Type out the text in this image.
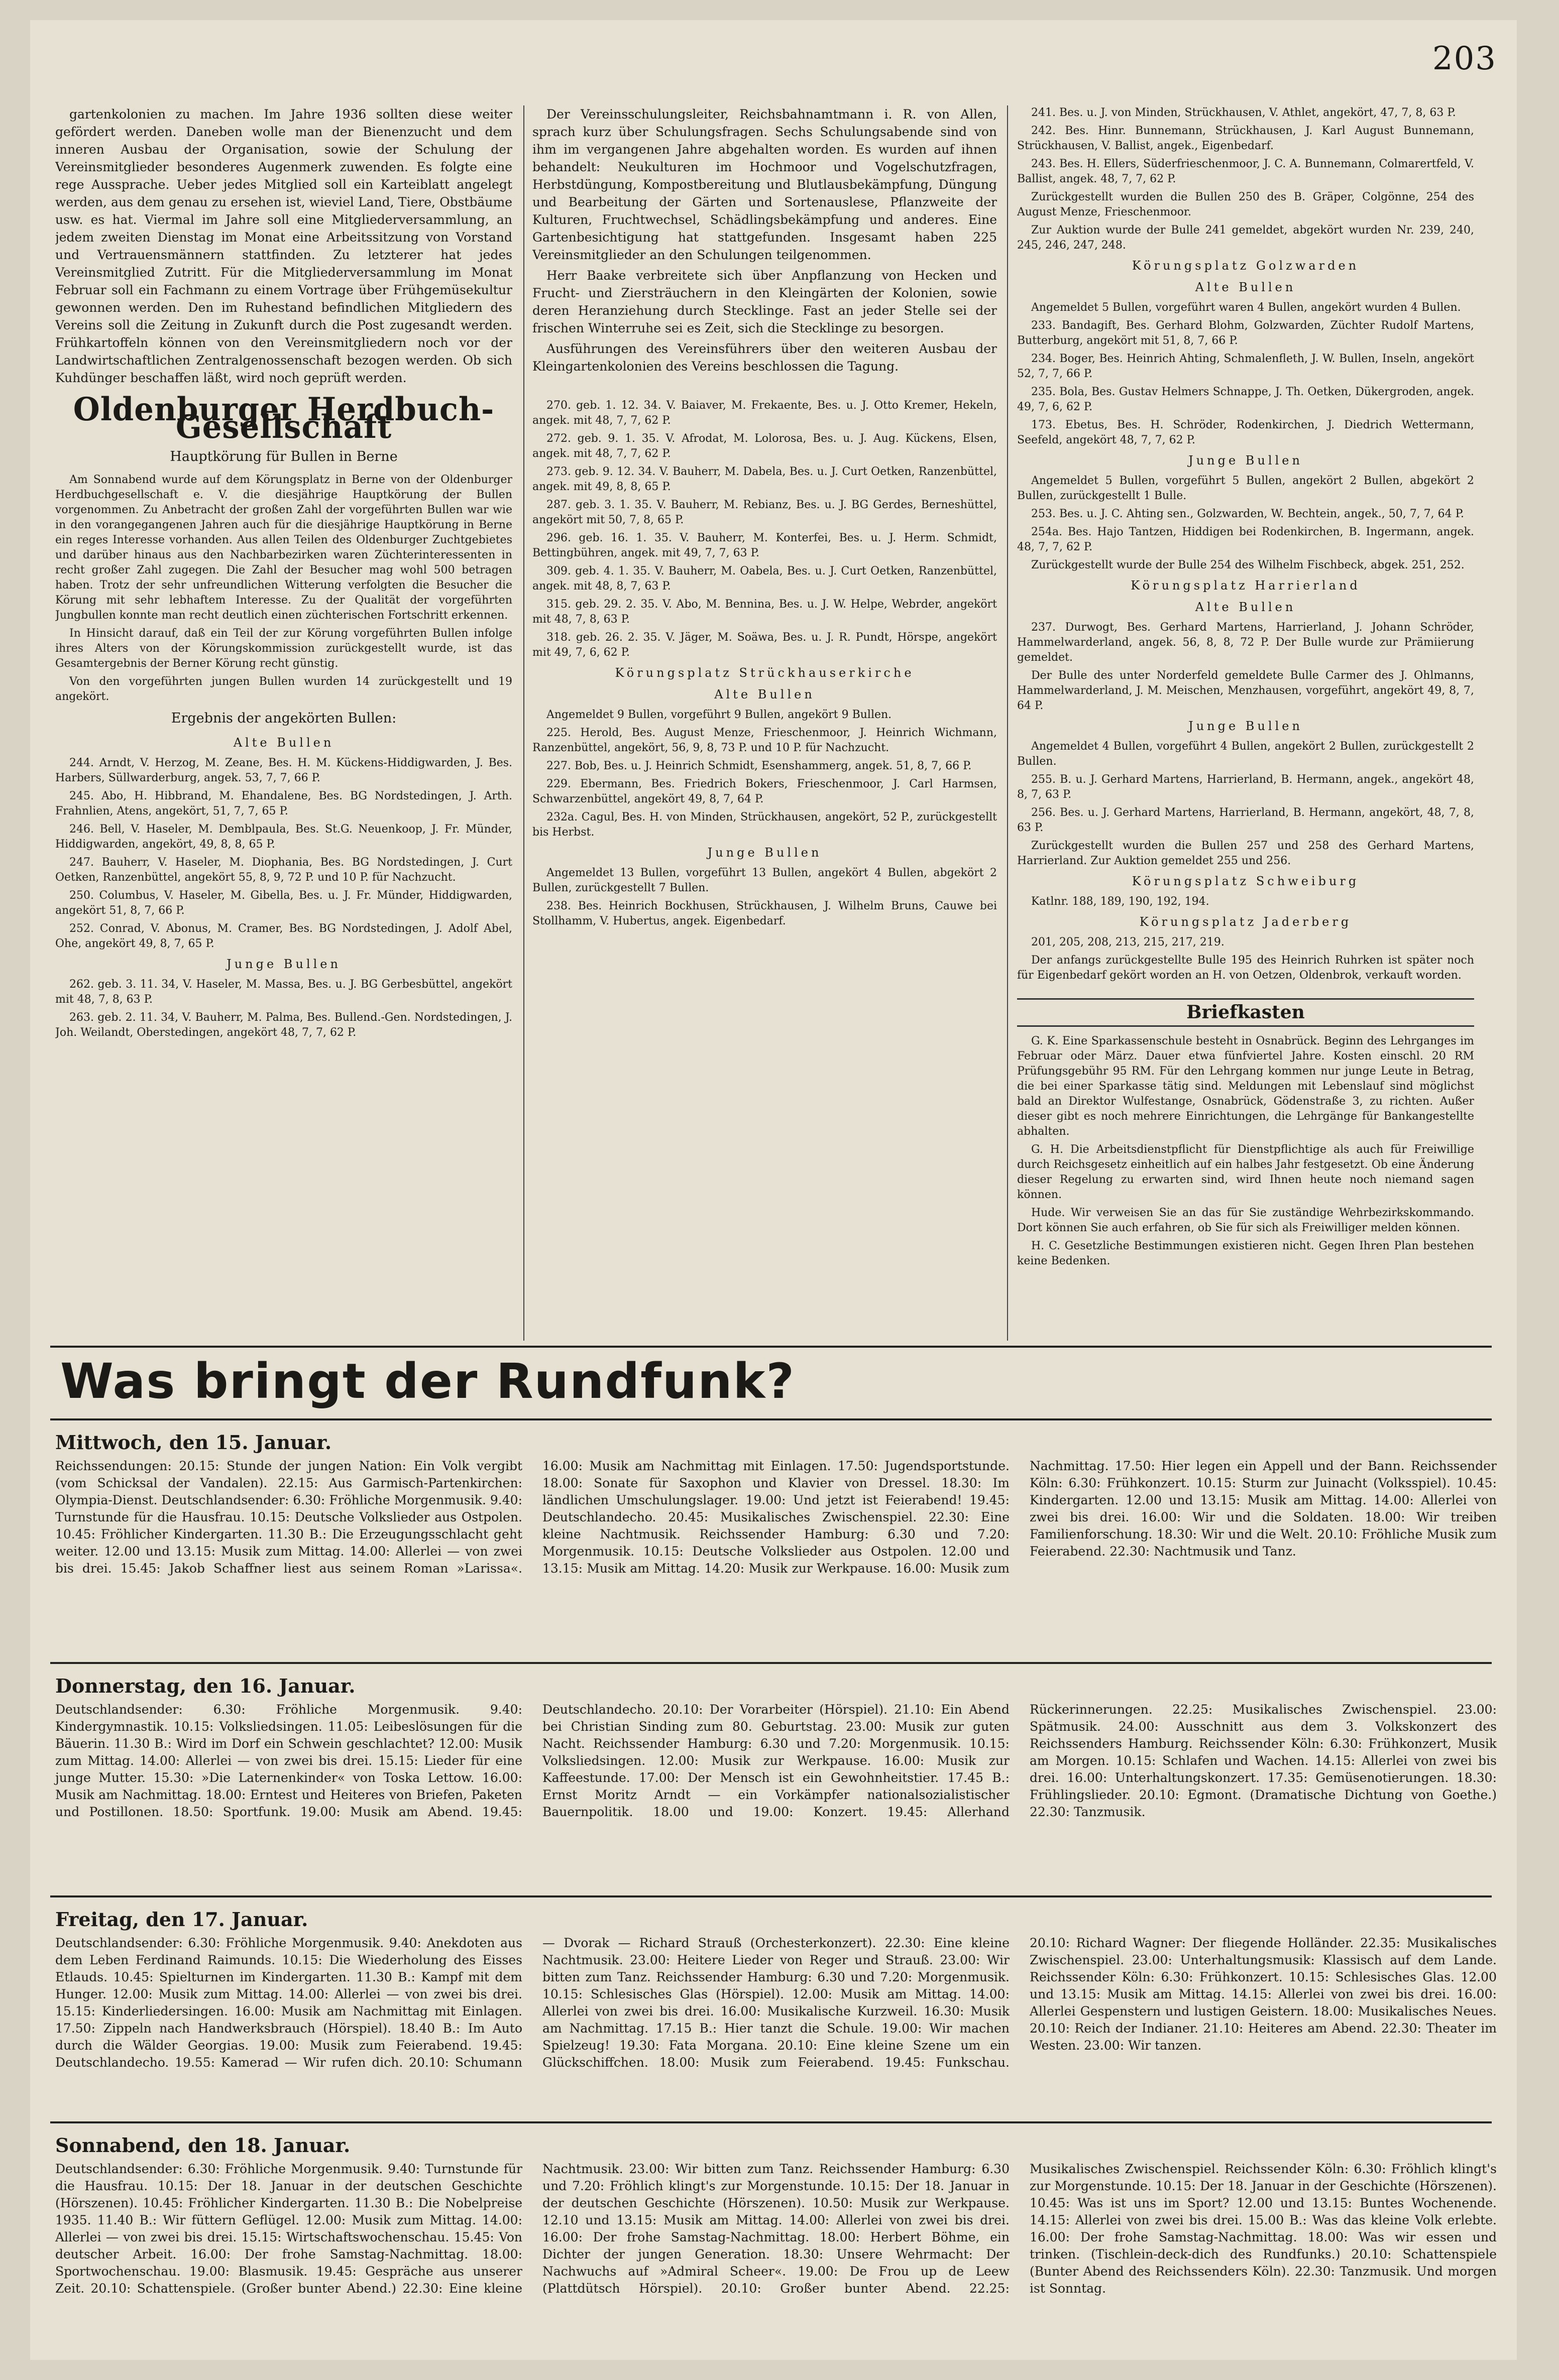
203

gartenkolonien zu machen. Im Jahre 1936 sollten diese weiter gefördert werden. Daneben wolle man der Bienenzucht und dem inneren Ausbau der Organisation, sowie der Schulung der Vereinsmitglieder besonderes Augenmerk zuwenden. Es folgte eine rege Aussprache. Ueber jedes Mitglied soll ein Karteiblatt angelegt werden, aus dem genau zu ersehen ist, wieviel Land, Tiere, Obstbäume usw. es hat. Viermal im Jahre soll eine Mitgliederversammlung, an jedem zweiten Dienstag im Monat eine Arbeitssitzung von Vorstand und Vertrauensmännern stattfinden. Zu letzterer hat jedes Vereinsmitglied Zutritt. Für die Mitgliederversammlung im Monat Februar soll ein Fachmann zu einem Vortrage über Frühgemüsekultur gewonnen werden. Den im Ruhestand befindlichen Mitgliedern des Vereins soll die Zeitung in Zukunft durch die Post zugesandt werden. Frühkartoffeln können von den Vereinsmitgliedern noch vor der Landwirtschaftlichen Zentralgenossenschaft bezogen werden. Ob sich Kuhdünger beschaffen läßt, wird noch geprüft werden.

Oldenburger Herdbuch-Gesellschaft
Hauptkörung für Bullen in Berne

Am Sonnabend wurde auf dem Körungsplatz in Berne von der Oldenburger Herdbuchgesellschaft e. V. die diesjährige Hauptkörung der Bullen vorgenommen. Zu Anbetracht der großen Zahl der vorgeführten Bullen war wie in den vorangegangenen Jahren auch für die diesjährige Hauptkörung in Berne ein reges Interesse vorhanden. Aus allen Teilen des Oldenburger Zuchtgebietes und darüber hinaus aus den Nachbarbezirken waren Züchterinteressenten in recht großer Zahl zugegen. Die Zahl der Besucher mag wohl 500 betragen haben. Trotz der sehr unfreundlichen Witterung verfolgten die Besucher die Körung mit sehr lebhaftem Interesse. Zu der Qualität der vorgeführten Jungbullen konnte man recht deutlich einen züchterischen Fortschritt erkennen.

In Hinsicht darauf, daß ein Teil der zur Körung vorgeführten Bullen infolge ihres Alters von der Körungskommission zurückgestellt wurde, ist das Gesamtergebnis der Berner Körung recht günstig.

Von den vorgeführten jungen Bullen wurden 14 zurückgestellt und 19 angekört.

Ergebnis der angekörten Bullen:
Alte Bullen

244. Arndt, V. Herzog, M. Zeane, Bes. H. M. Kückens-Hiddigwarden, J. Bes. Harbers, Süllwarderburg, angek. 53, 7, 7, 66 P.

245. Abo, H. Hibbrand, M. Ehandalene, Bes. BG Nordstedingen, J. Arth. Frahnlien, Atens, angekört, 51, 7, 7, 65 P.

246. Bell, V. Haseler, M. Demblpaula, Bes. St.G. Neuenkoop, J. Fr. Münder, Hiddigwarden, angekört, 49, 8, 8, 65 P.

247. Bauherr, V. Haseler, M. Diophania, Bes. BG Nordstedingen, J. Curt Oetken, Ranzenbüttel, angekört 55, 8, 9, 72 P. und 10 P. für Nachzucht.

250. Columbus, V. Haseler, M. Gibella, Bes. u. J. Fr. Münder, Hiddigwarden, angekört 51, 8, 7, 66 P.

252. Conrad, V. Abonus, M. Cramer, Bes. BG Nordstedingen, J. Adolf Abel, Ohe, angekört 49, 8, 7, 65 P.

Junge Bullen

262. geb. 3. 11. 34, V. Haseler, M. Massa, Bes. u. J. BG Gerbesbüttel, angekört mit 48, 7, 8, 63 P.

263. geb. 2. 11. 34, V. Bauherr, M. Palma, Bes. Bullend.-Gen. Nordstedingen, J. Joh. Weilandt, Oberstedingen, angekört 48, 7, 7, 62 P.

Der Vereinsschulungsleiter, Reichsbahnamtmann i. R. von Allen, sprach kurz über Schulungsfragen. Sechs Schulungsabende sind von ihm im vergangenen Jahre abgehalten worden. Es wurden auf ihnen behandelt: Neukulturen im Hochmoor und Vogelschutzfragen, Herbstdüngung, Kompostbereitung und Blutlausbekämpfung, Düngung und Bearbeitung der Gärten und Sortenauslese, Pflanzweite der Kulturen, Fruchtwechsel, Schädlingsbekämpfung und anderes. Eine Gartenbesichtigung hat stattgefunden. Insgesamt haben 225 Vereinsmitglieder an den Schulungen teilgenommen.

Herr Baake verbreitete sich über Anpflanzung von Hecken und Frucht- und Ziersträuchern in den Kleingärten der Kolonien, sowie deren Heranziehung durch Stecklinge. Fast an jeder Stelle sei der frischen Winterruhe sei es Zeit, sich die Stecklinge zu besorgen.

Ausführungen des Vereinsführers über den weiteren Ausbau der Kleingartenkolonien des Vereins beschlossen die Tagung.

270. geb. 1. 12. 34. V. Baiaver, M. Frekaente, Bes. u. J. Otto Kremer, Hekeln, angek. mit 48, 7, 7, 62 P.

272. geb. 9. 1. 35. V. Afrodat, M. Lolorosa, Bes. u. J. Aug. Kückens, Elsen, angek. mit 48, 7, 7, 62 P.

273. geb. 9. 12. 34. V. Bauherr, M. Dabela, Bes. u. J. Curt Oetken, Ranzenbüttel, angek. mit 49, 8, 8, 65 P.

287. geb. 3. 1. 35. V. Bauherr, M. Rebianz, Bes. u. J. BG Gerdes, Berneshüttel, angekört mit 50, 7, 8, 65 P.

296. geb. 16. 1. 35. V. Bauherr, M. Konterfei, Bes. u. J. Herm. Schmidt, Bettingbühren, angek. mit 49, 7, 7, 63 P.

309. geb. 4. 1. 35. V. Bauherr, M. Oabela, Bes. u. J. Curt Oetken, Ranzenbüttel, angek. mit 48, 8, 7, 63 P.

315. geb. 29. 2. 35. V. Abo, M. Bennina, Bes. u. J. W. Helpe, Webrder, angekört mit 48, 7, 8, 63 P.

318. geb. 26. 2. 35. V. Jäger, M. Soäwa, Bes. u. J. R. Pundt, Hörspe, angekört mit 49, 7, 6, 62 P.

Körungsplatz Strückhauserkirche
Alte Bullen

Angemeldet 9 Bullen, vorgeführt 9 Bullen, angekört 9 Bullen.

225. Herold, Bes. August Menze, Frieschenmoor, J. Heinrich Wichmann, Ranzenbüttel, angekört, 56, 9, 8, 73 P. und 10 P. für Nachzucht.

227. Bob, Bes. u. J. Heinrich Schmidt, Esenshammerg, angek. 51, 8, 7, 66 P.

229. Ebermann, Bes. Friedrich Bokers, Frieschenmoor, J. Carl Harmsen, Schwarzenbüttel, angekört 49, 8, 7, 64 P.

232a. Cagul, Bes. H. von Minden, Strückhausen, angekört, 52 P., zurückgestellt bis Herbst.

Junge Bullen

Angemeldet 13 Bullen, vorgeführt 13 Bullen, angekört 4 Bullen, abgekört 2 Bullen, zurückgestellt 7 Bullen.

238. Bes. Heinrich Bockhusen, Strückhausen, J. Wilhelm Bruns, Cauwe bei Stollhamm, V. Hubertus, angek. Eigenbedarf.

241. Bes. u. J. von Minden, Strückhausen, V. Athlet, angekört, 47, 7, 8, 63 P.

242. Bes. Hinr. Bunnemann, Strückhausen, J. Karl August Bunnemann, Strückhausen, V. Ballist, angek., Eigenbedarf.

243. Bes. H. Ellers, Süderfrieschenmoor, J. C. A. Bunnemann, Colmarertfeld, V. Ballist, angek. 48, 7, 7, 62 P.

Zurückgestellt wurden die Bullen 250 des B. Gräper, Colgönne, 254 des August Menze, Frieschenmoor.

Zur Auktion wurde der Bulle 241 gemeldet, abgekört wurden Nr. 239, 240, 245, 246, 247, 248.

Körungsplatz Golzwarden
Alte Bullen

Angemeldet 5 Bullen, vorgeführt waren 4 Bullen, angekört wurden 4 Bullen.

233. Bandagift, Bes. Gerhard Blohm, Golzwarden, Züchter Rudolf Martens, Butterburg, angekört mit 51, 8, 7, 66 P.

234. Boger, Bes. Heinrich Ahting, Schmalenfleth, J. W. Bullen, Inseln, angekört 52, 7, 7, 66 P.

235. Bola, Bes. Gustav Helmers Schnappe, J. Th. Oetken, Dükergroden, angek. 49, 7, 6, 62 P.

173. Ebetus, Bes. H. Schröder, Rodenkirchen, J. Diedrich Wettermann, Seefeld, angekört 48, 7, 7, 62 P.

Junge Bullen

Angemeldet 5 Bullen, vorgeführt 5 Bullen, angekört 2 Bullen, abgekört 2 Bullen, zurückgestellt 1 Bulle.

253. Bes. u. J. C. Ahting sen., Golzwarden, W. Bechtein, angek., 50, 7, 7, 64 P.

254a. Bes. Hajo Tantzen, Hiddigen bei Rodenkirchen, B. Ingermann, angek. 48, 7, 7, 62 P.

Zurückgestellt wurde der Bulle 254 des Wilhelm Fischbeck, abgek. 251, 252.

Körungsplatz Harrierland
Alte Bullen

237. Durwogt, Bes. Gerhard Martens, Harrierland, J. Johann Schröder, Hammelwarderland, angek. 56, 8, 8, 72 P. Der Bulle wurde zur Prämiierung gemeldet.

Der Bulle des unter Norderfeld gemeldete Bulle Carmer des J. Ohlmanns, Hammelwarderland, J. M. Meischen, Menzhausen, vorgeführt, angekört 49, 8, 7, 64 P.

Junge Bullen

Angemeldet 4 Bullen, vorgeführt 4 Bullen, angekört 2 Bullen, zurückgestellt 2 Bullen.

255. B. u. J. Gerhard Martens, Harrierland, B. Hermann, angek., angekört 48, 8, 7, 63 P.

256. Bes. u. J. Gerhard Martens, Harrierland, B. Hermann, angekört, 48, 7, 8, 63 P.

Zurückgestellt wurden die Bullen 257 und 258 des Gerhard Martens, Harrierland. Zur Auktion gemeldet 255 und 256.

Körungsplatz Schweiburg

Katlnr. 188, 189, 190, 192, 194.

Körungsplatz Jaderberg

201, 205, 208, 213, 215, 217, 219.

Der anfangs zurückgestellte Bulle 195 des Heinrich Ruhrken ist später noch für Eigenbedarf gekört worden an H. von Oetzen, Oldenbrok, verkauft worden.

Briefkasten

G. K. Eine Sparkassenschule besteht in Osnabrück. Beginn des Lehrganges im Februar oder März. Dauer etwa fünfviertel Jahre. Kosten einschl. 20 RM Prüfungsgebühr 95 RM. Für den Lehrgang kommen nur junge Leute in Betrag, die bei einer Sparkasse tätig sind. Meldungen mit Lebenslauf sind möglichst bald an Direktor Wulfestange, Osnabrück, Gödenstraße 3, zu richten. Außer dieser gibt es noch mehrere Einrichtungen, die Lehrgänge für Bankangestellte abhalten.

G. H. Die Arbeitsdienstpflicht für Dienstpflichtige als auch für Freiwillige durch Reichsgesetz einheitlich auf ein halbes Jahr festgesetzt. Ob eine Änderung dieser Regelung zu erwarten sind, wird Ihnen heute noch niemand sagen können.

Hude. Wir verweisen Sie an das für Sie zuständige Wehrbezirkskommando. Dort können Sie auch erfahren, ob Sie für sich als Freiwilliger melden können.

H. C. Gesetzliche Bestimmungen existieren nicht. Gegen Ihren Plan bestehen keine Bedenken.

Was bringt der Rundfunk?
Mittwoch, den 15. Januar.

Reichssendungen: 20.15: Stunde der jungen Nation: Ein Volk vergibt (vom Schicksal der Vandalen). 22.15: Aus Garmisch-Partenkirchen: Olympia-Dienst. Deutschlandsender: 6.30: Fröhliche Morgenmusik. 9.40: Turnstunde für die Hausfrau. 10.15: Deutsche Volkslieder aus Ostpolen. 10.45: Fröhlicher Kindergarten. 11.30 B.: Die Erzeugungsschlacht geht weiter. 12.00 und 13.15: Musik zum Mittag. 14.00: Allerlei — von zwei bis drei. 15.45: Jakob Schaffner liest aus seinem Roman »Larissa«. 16.00: Musik am Nachmittag mit Einlagen. 17.50: Jugendsportstunde. 18.00: Sonate für Saxophon und Klavier von Dressel. 18.30: Im ländlichen Umschulungslager. 19.00: Und jetzt ist Feierabend! 19.45: Deutschlandecho. 20.45: Musikalisches Zwischenspiel. 22.30: Eine kleine Nachtmusik. Reichssender Hamburg: 6.30 und 7.20: Morgenmusik. 10.15: Deutsche Volkslieder aus Ostpolen. 12.00 und 13.15: Musik am Mittag. 14.20: Musik zur Werkpause. 16.00: Musik zum Nachmittag. 17.50: Hier legen ein Appell und der Bann. Reichssender Köln: 6.30: Frühkonzert. 10.15: Sturm zur Juinacht (Volksspiel). 10.45: Kindergarten. 12.00 und 13.15: Musik am Mittag. 14.00: Allerlei von zwei bis drei. 16.00: Wir und die Soldaten. 18.00: Wir treiben Familienforschung. 18.30: Wir und die Welt. 20.10: Fröhliche Musik zum Feierabend. 22.30: Nachtmusik und Tanz.

Donnerstag, den 16. Januar.

Deutschlandsender: 6.30: Fröhliche Morgenmusik. 9.40: Kindergymnastik. 10.15: Volksliedsingen. 11.05: Leibeslösungen für die Bäuerin. 11.30 B.: Wird im Dorf ein Schwein geschlachtet? 12.00: Musik zum Mittag. 14.00: Allerlei — von zwei bis drei. 15.15: Lieder für eine junge Mutter. 15.30: »Die Laternenkinder« von Toska Lettow. 16.00: Musik am Nachmittag. 18.00: Erntest und Heiteres von Briefen, Paketen und Postillonen. 18.50: Sportfunk. 19.00: Musik am Abend. 19.45: Deutschlandecho. 20.10: Der Vorarbeiter (Hörspiel). 21.10: Ein Abend bei Christian Sinding zum 80. Geburtstag. 23.00: Musik zur guten Nacht. Reichssender Hamburg: 6.30 und 7.20: Morgenmusik. 10.15: Volksliedsingen. 12.00: Musik zur Werkpause. 16.00: Musik zur Kaffeestunde. 17.00: Der Mensch ist ein Gewohnheitstier. 17.45 B.: Ernst Moritz Arndt — ein Vorkämpfer nationalsozialistischer Bauernpolitik. 18.00 und 19.00: Konzert. 19.45: Allerhand Rückerinnerungen. 22.25: Musikalisches Zwischenspiel. 23.00: Spätmusik. 24.00: Ausschnitt aus dem 3. Volkskonzert des Reichssenders Hamburg. Reichssender Köln: 6.30: Frühkonzert, Musik am Morgen. 10.15: Schlafen und Wachen. 14.15: Allerlei von zwei bis drei. 16.00: Unterhaltungskonzert. 17.35: Gemüsenotierungen. 18.30: Frühlingslieder. 20.10: Egmont. (Dramatische Dichtung von Goethe.) 22.30: Tanzmusik.

Freitag, den 17. Januar.

Deutschlandsender: 6.30: Fröhliche Morgenmusik. 9.40: Anekdoten aus dem Leben Ferdinand Raimunds. 10.15: Die Wiederholung des Eisses Etlauds. 10.45: Spielturnen im Kindergarten. 11.30 B.: Kampf mit dem Hunger. 12.00: Musik zum Mittag. 14.00: Allerlei — von zwei bis drei. 15.15: Kinderliedersingen. 16.00: Musik am Nachmittag mit Einlagen. 17.50: Zippeln nach Handwerksbrauch (Hörspiel). 18.40 B.: Im Auto durch die Wälder Georgias. 19.00: Musik zum Feierabend. 19.45: Deutschlandecho. 19.55: Kamerad — Wir rufen dich. 20.10: Schumann — Dvorak — Richard Strauß (Orchesterkonzert). 22.30: Eine kleine Nachtmusik. 23.00: Heitere Lieder von Reger und Strauß. 23.00: Wir bitten zum Tanz. Reichssender Hamburg: 6.30 und 7.20: Morgenmusik. 10.15: Schlesisches Glas (Hörspiel). 12.00: Musik am Mittag. 14.00: Allerlei von zwei bis drei. 16.00: Musikalische Kurzweil. 16.30: Musik am Nachmittag. 17.15 B.: Hier tanzt die Schule. 19.00: Wir machen Spielzeug! 19.30: Fata Morgana. 20.10: Eine kleine Szene um ein Glückschiffchen. 18.00: Musik zum Feierabend. 19.45: Funkschau. 20.10: Richard Wagner: Der fliegende Holländer. 22.35: Musikalisches Zwischenspiel. 23.00: Unterhaltungsmusik: Klassisch auf dem Lande. Reichssender Köln: 6.30: Frühkonzert. 10.15: Schlesisches Glas. 12.00 und 13.15: Musik am Mittag. 14.15: Allerlei von zwei bis drei. 16.00: Allerlei Gespenstern und lustigen Geistern. 18.00: Musikalisches Neues. 20.10: Reich der Indianer. 21.10: Heiteres am Abend. 22.30: Theater im Westen. 23.00: Wir tanzen.

Sonnabend, den 18. Januar.

Deutschlandsender: 6.30: Fröhliche Morgenmusik. 9.40: Turnstunde für die Hausfrau. 10.15: Der 18. Januar in der deutschen Geschichte (Hörszenen). 10.45: Fröhlicher Kindergarten. 11.30 B.: Die Nobelpreise 1935. 11.40 B.: Wir füttern Geflügel. 12.00: Musik zum Mittag. 14.00: Allerlei — von zwei bis drei. 15.15: Wirtschaftswochenschau. 15.45: Von deutscher Arbeit. 16.00: Der frohe Samstag-Nachmittag. 18.00: Sportwochenschau. 19.00: Blasmusik. 19.45: Gespräche aus unserer Zeit. 20.10: Schattenspiele. (Großer bunter Abend.) 22.30: Eine kleine Nachtmusik. 23.00: Wir bitten zum Tanz. Reichssender Hamburg: 6.30 und 7.20: Fröhlich klingt's zur Morgenstunde. 10.15: Der 18. Januar in der deutschen Geschichte (Hörszenen). 10.50: Musik zur Werkpause. 12.10 und 13.15: Musik am Mittag. 14.00: Allerlei von zwei bis drei. 16.00: Der frohe Samstag-Nachmittag. 18.00: Herbert Böhme, ein Dichter der jungen Generation. 18.30: Unsere Wehrmacht: Der Nachwuchs auf »Admiral Scheer«. 19.00: De Frou up de Leew (Plattdütsch Hörspiel). 20.10: Großer bunter Abend. 22.25: Musikalisches Zwischenspiel. Reichssender Köln: 6.30: Fröhlich klingt's zur Morgenstunde. 10.15: Der 18. Januar in der Geschichte (Hörszenen). 10.45: Was ist uns im Sport? 12.00 und 13.15: Buntes Wochenende. 14.15: Allerlei von zwei bis drei. 15.00 B.: Was das kleine Volk erlebte. 16.00: Der frohe Samstag-Nachmittag. 18.00: Was wir essen und trinken. (Tischlein-deck-dich des Rundfunks.) 20.10: Schattenspiele (Bunter Abend des Reichssenders Köln). 22.30: Tanzmusik. Und morgen ist Sonntag.
